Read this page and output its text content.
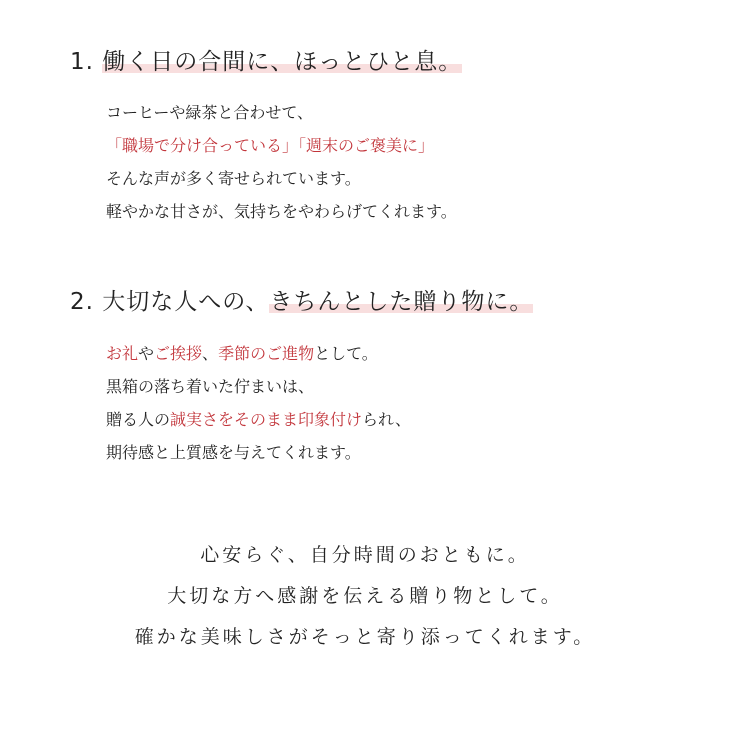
1. 働く日の合間に、ほっとひと息。
コーヒーや緑茶と合わせて、
「職場で分け合っている」「週末のご褒美に」
そんな声が多く寄せられています。
軽やかな甘さが、気持ちをやわらげてくれます。
2. 大切な人への、きちんとした贈り物に。
お礼やご挨拶、季節のご進物として。
黒箱の落ち着いた佇まいは、
贈る人の誠実さをそのまま印象付けられ、
期待感と上質感を与えてくれます。
心安らぐ、自分時間のおともに。
大切な方へ感謝を伝える贈り物として。
確かな美味しさがそっと寄り添ってくれます。
